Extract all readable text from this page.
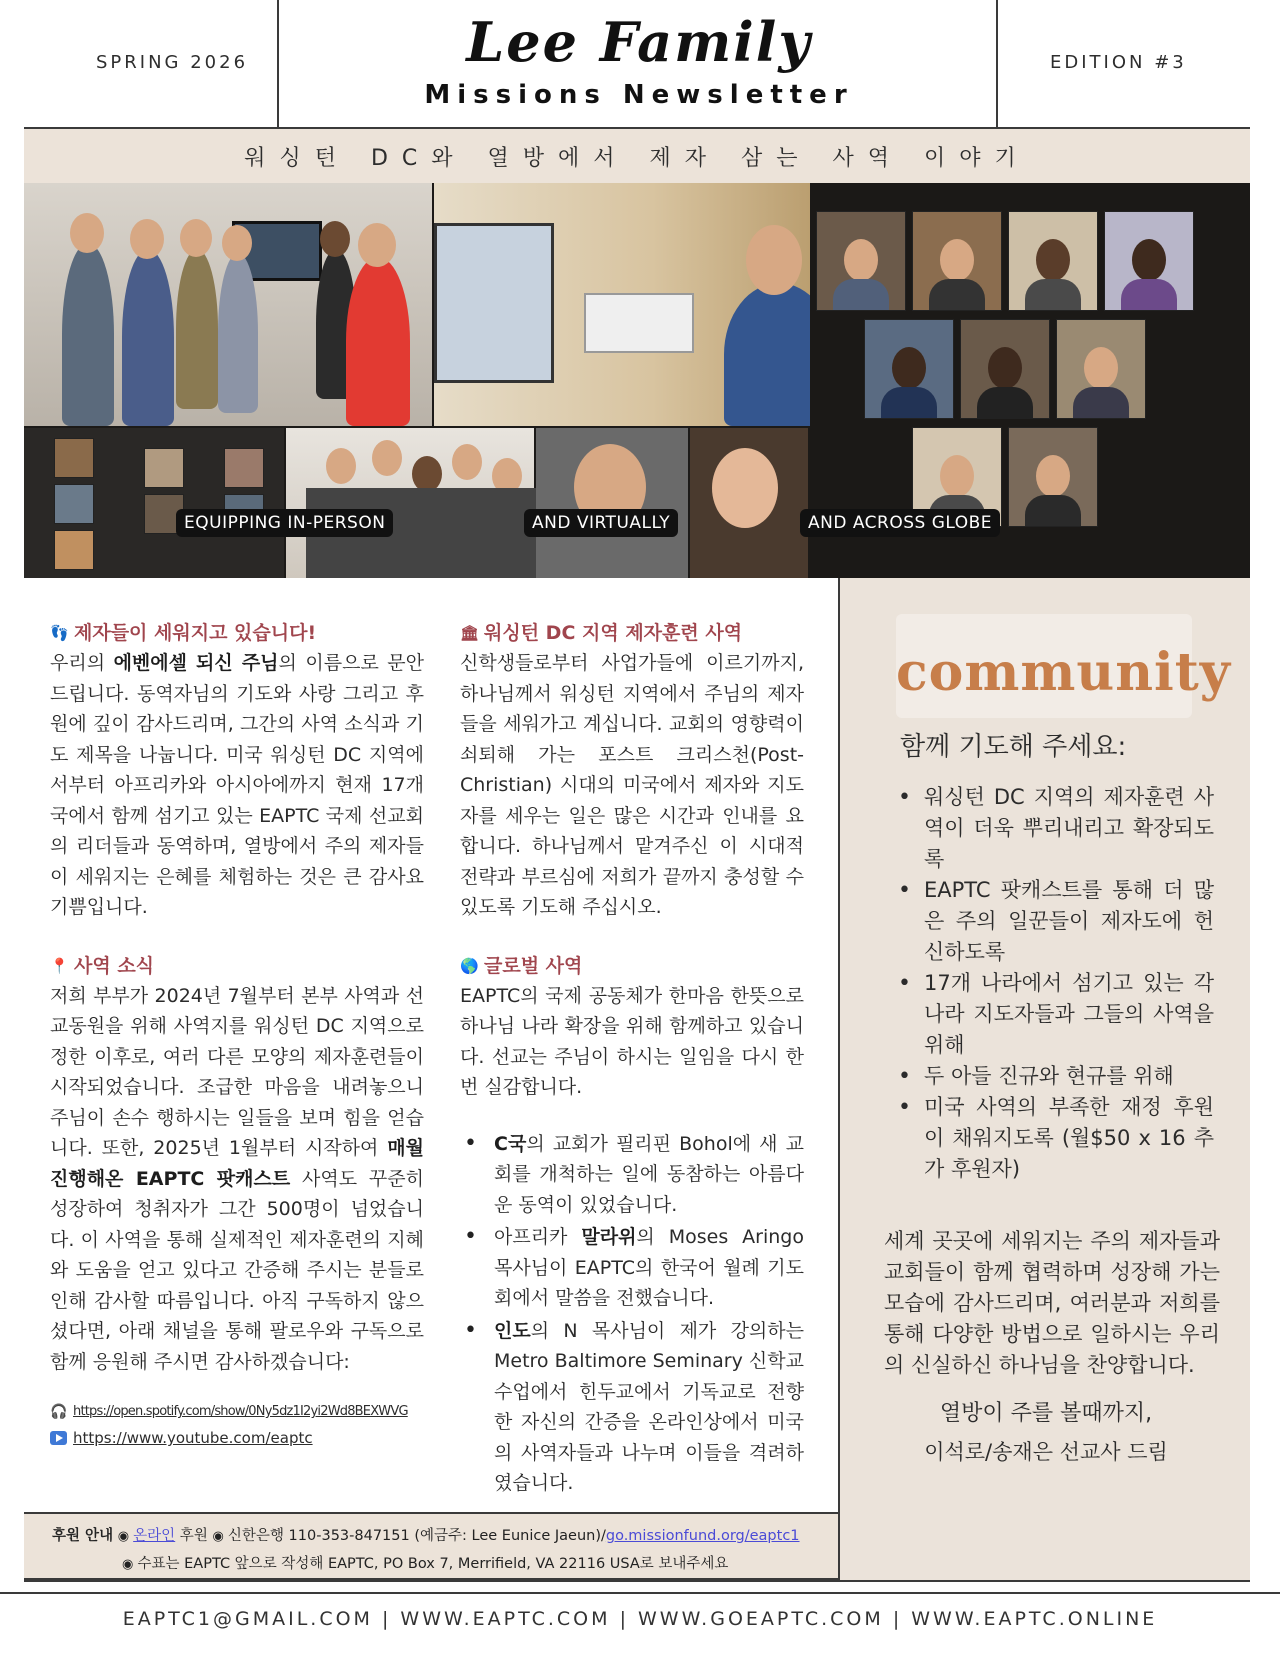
SPRING 2026	Lee Family
Missions Newsletter
EDITION #3
워싱턴 DC와 열방에서 제자 삼는 사역 이야기
EQUIPPING IN-PERSON	AND VIRTUALLY	AND ACROSS GLOBE
community
함께 기도해 주세요:
• 워싱턴 DC 지역의 제자훈련 사역이 더욱 뿌리내리고 확장되도록
• EAPTC 팟캐스트를 통해 더 많은 주의 일꾼들이 제자도에 헌신하도록
• 17개 나라에서 섬기고 있는 각 나라 지도자들과 그들의 사역을 위해
• 두 아들 진규와 현규를 위해
• 미국 사역의 부족한 재정 후원이 채워지도록 (월$50 x 16 추가 후원자)
세계 곳곳에 세워지는 주의 제자들과 교회들이 함께 협력하며 성장해 가는 모습에 감사드리며, 여러분과 저희를 통해 다양한 방법으로 일하시는 우리의 신실하신 하나님을 찬양합니다.
열방이 주를 볼때까지,
이석로/송재은 선교사 드림
👣 제자들이 세워지고 있습니다!
우리의 에벤에셀 되신 주님의 이름으로 문안드립니다. 동역자님의 기도와 사랑 그리고 후원에 깊이 감사드리며, 그간의 사역 소식과 기도 제목을 나눕니다. 미국 워싱턴 DC 지역에서부터 아프리카와 아시아에까지 현재 17개국에서 함께 섬기고 있는 EAPTC 국제 선교회의 리더들과 동역하며, 열방에서 주의 제자들이 세워지는 은혜를 체험하는 것은 큰 감사요 기쁨입니다.
📍 사역 소식
저희 부부가 2024년 7월부터 본부 사역과 선교동원을 위해 사역지를 워싱턴 DC 지역으로 정한 이후로, 여러 다른 모양의 제자훈련들이 시작되었습니다. 조급한 마음을 내려놓으니 주님이 손수 행하시는 일들을 보며 힘을 얻습니다. 또한, 2025년 1월부터 시작하여 매월 진행해온 EAPTC 팟캐스트 사역도 꾸준히 성장하여 청취자가 그간 500명이 넘었습니다. 이 사역을 통해 실제적인 제자훈련의 지혜와 도움을 얻고 있다고 간증해 주시는 분들로 인해 감사할 따름입니다. 아직 구독하지 않으셨다면, 아래 채널을 통해 팔로우와 구독으로 함께 응원해 주시면 감사하겠습니다:
🎧 https://open.spotify.com/show/0Ny5dz1I2yi2Wd8BEXWVG
https://www.youtube.com/eaptc
🏛 워싱턴 DC 지역 제자훈련 사역
신학생들로부터 사업가들에 이르기까지, 하나님께서 워싱턴 지역에서 주님의 제자들을 세워가고 계십니다. 교회의 영향력이 쇠퇴해 가는 포스트 크리스천(Post-Christian) 시대의 미국에서 제자와 지도자를 세우는 일은 많은 시간과 인내를 요합니다. 하나님께서 맡겨주신 이 시대적 전략과 부르심에 저희가 끝까지 충성할 수 있도록 기도해 주십시오.
🌎 글로벌 사역
EAPTC의 국제 공동체가 한마음 한뜻으로 하나님 나라 확장을 위해 함께하고 있습니다. 선교는 주님이 하시는 일임을 다시 한번 실감합니다.
• C국의 교회가 필리핀 Bohol에 새 교회를 개척하는 일에 동참하는 아름다운 동역이 있었습니다.
• 아프리카 말라위의 Moses Aringo 목사님이 EAPTC의 한국어 월례 기도회에서 말씀을 전했습니다.
• 인도의 N 목사님이 제가 강의하는 Metro Baltimore Seminary 신학교 수업에서 힌두교에서 기독교로 전향한 자신의 간증을 온라인상에서 미국의 사역자들과 나누며 이들을 격려하였습니다.
후원 안내 ◉ 온라인 후원 ◉ 신한은행 110-353-847151 (예금주: Lee Eunice Jaeun)/go.missionfund.org/eaptc1
◉ 수표는 EAPTC 앞으로 작성해 EAPTC, PO Box 7, Merrifield, VA 22116 USA로 보내주세요
EAPTC1@GMAIL.COM | WWW.EAPTC.COM | WWW.GOEAPTC.COM | WWW.EAPTC.ONLINE
